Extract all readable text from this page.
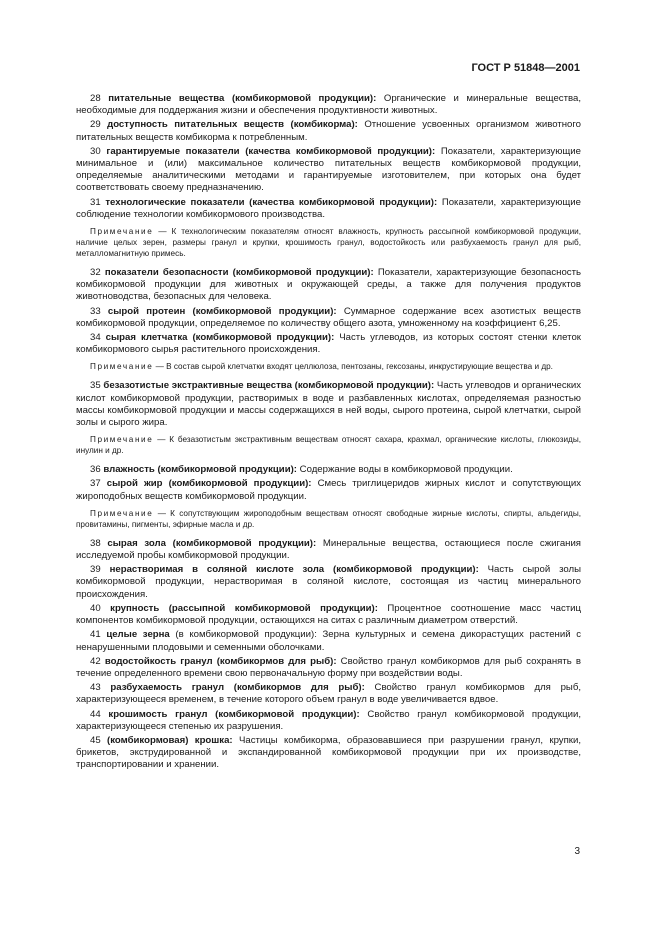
ГОСТ Р 51848—2001

28 питательные вещества (комбикормовой продукции): Органические и минеральные вещества, необходимые для поддержания жизни и обеспечения продуктивности животных.

29 доступность питательных веществ (комбикорма): Отношение усвоенных организмом животного питательных веществ комбикорма к потребленным.

30 гарантируемые показатели (качества комбикормовой продукции): Показатели, характеризующие минимальное и (или) максимальное количество питательных веществ комбикормовой продукции, определяемые аналитическими методами и гарантируемые изготовителем, при которых она будет соответствовать своему предназначению.

31 технологические показатели (качества комбикормовой продукции): Показатели, характеризующие соблюдение технологии комбикормового производства.

Примечание — К технологическим показателям относят влажность, крупность рассыпной комбикормовой продукции, наличие целых зерен, размеры гранул и крупки, крошимость гранул, водостойкость или разбухаемость гранул для рыб, металломагнитную примесь.

32 показатели безопасности (комбикормовой продукции): Показатели, характеризующие безопасность комбикормовой продукции для животных и окружающей среды, а также для получения продуктов животноводства, безопасных для человека.

33 сырой протеин (комбикормовой продукции): Суммарное содержание всех азотистых веществ комбикормовой продукции, определяемое по количеству общего азота, умноженному на коэффициент 6,25.

34 сырая клетчатка (комбикормовой продукции): Часть углеводов, из которых состоят стенки клеток комбикормового сырья растительного происхождения.

Примечание — В состав сырой клетчатки входят целлюлоза, пентозаны, гексозаны, инкрустирующие вещества и др.

35 безазотистые экстрактивные вещества (комбикормовой продукции): Часть углеводов и органических кислот комбикормовой продукции, растворимых в воде и разбавленных кислотах, определяемая разностью массы комбикормовой продукции и массы содержащихся в ней воды, сырого протеина, сырой клетчатки, сырой золы и сырого жира.

Примечание — К безазотистым экстрактивным веществам относят сахара, крахмал, органические кислоты, глюкозиды, инулин и др.

36 влажность (комбикормовой продукции): Содержание воды в комбикормовой продукции.

37 сырой жир (комбикормовой продукции): Смесь триглицеридов жирных кислот и сопутствующих жироподобных веществ комбикормовой продукции.

Примечание — К сопутствующим жироподобным веществам относят свободные жирные кислоты, спирты, альдегиды, провитамины, пигменты, эфирные масла и др.

38 сырая зола (комбикормовой продукции): Минеральные вещества, остающиеся после сжигания исследуемой пробы комбикормовой продукции.

39 нерастворимая в соляной кислоте зола (комбикормовой продукции): Часть сырой золы комбикормовой продукции, нерастворимая в соляной кислоте, состоящая из частиц минерального происхождения.

40 крупность (рассыпной комбикормовой продукции): Процентное соотношение масс частиц компонентов комбикормовой продукции, остающихся на ситах с различным диаметром отверстий.

41 целые зерна (в комбикормовой продукции): Зерна культурных и семена дикорастущих растений с ненарушенными плодовыми и семенными оболочками.

42 водостойкость гранул (комбикормов для рыб): Свойство гранул комбикормов для рыб сохранять в течение определенного времени свою первоначальную форму при воздействии воды.

43 разбухаемость гранул (комбикормов для рыб): Свойство гранул комбикормов для рыб, характеризующееся временем, в течение которого объем гранул в воде увеличивается вдвое.

44 крошимость гранул (комбикормовой продукции): Свойство гранул комбикормовой продукции, характеризующееся степенью их разрушения.

45 (комбикормовая) крошка: Частицы комбикорма, образовавшиеся при разрушении гранул, крупки, брикетов, экструдированной и экспандированной комбикормовой продукции при их производстве, транспортировании и хранении.

3
